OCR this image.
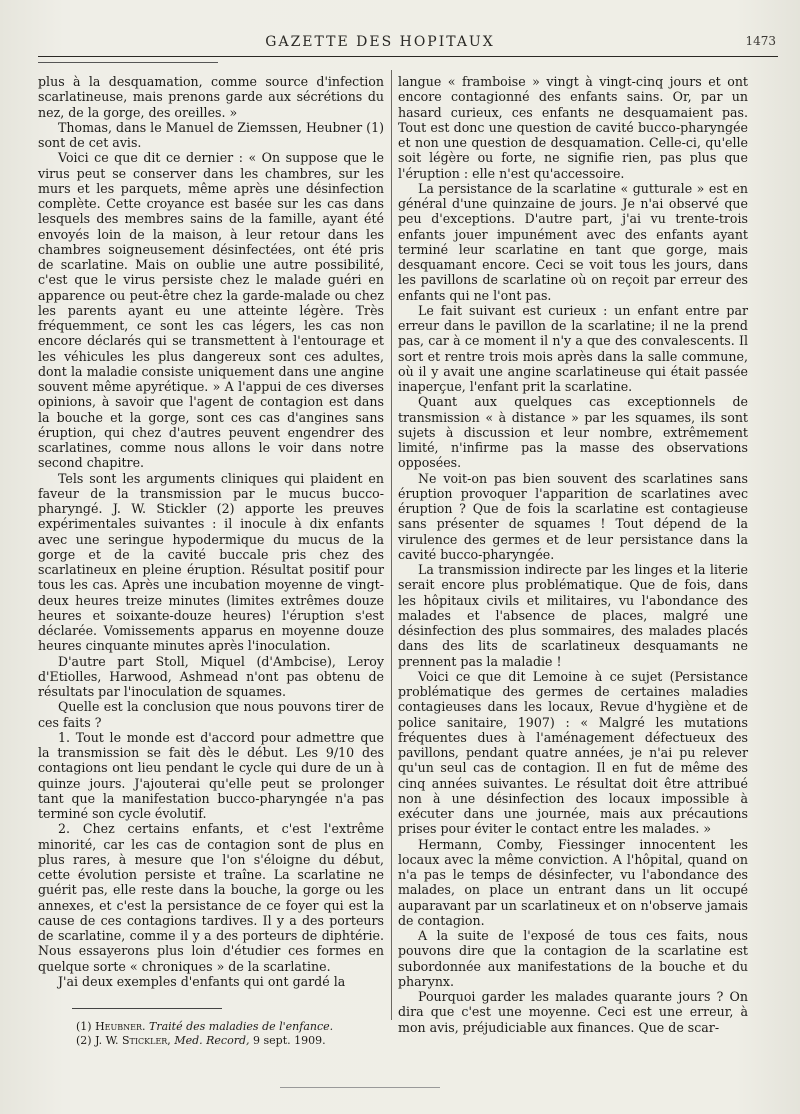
GAZETTE DES HOPITAUX	1473

plus à la desquamation, comme source d'infection scarlatineuse, mais prenons garde aux sécrétions du nez, de la gorge, des oreilles. »

Thomas, dans le Manuel de Ziemssen, Heubner (1) sont de cet avis.

Voici ce que dit ce dernier : « On suppose que le virus peut se conserver dans les chambres, sur les murs et les parquets, même après une désinfection complète. Cette croyance est basée sur les cas dans lesquels des membres sains de la famille, ayant été envoyés loin de la maison, à leur retour dans les chambres soigneusement désinfectées, ont été pris de scarlatine. Mais on oublie une autre possibilité, c'est que le virus persiste chez le malade guéri en apparence ou peut-être chez la garde-malade ou chez les parents ayant eu une atteinte légère. Très fréquemment, ce sont les cas légers, les cas non encore déclarés qui se transmettent à l'entourage et les véhicules les plus dangereux sont ces adultes, dont la maladie consiste uniquement dans une angine souvent même apyrétique. » A l'appui de ces diverses opinions, à savoir que l'agent de contagion est dans la bouche et la gorge, sont ces cas d'angines sans éruption, qui chez d'autres peuvent engendrer des scarlatines, comme nous allons le voir dans notre second chapitre.

Tels sont les arguments cliniques qui plaident en faveur de la transmission par le mucus bucco-pharyngé. J. W. Stickler (2) apporte les preuves expérimentales suivantes : il inocule à dix enfants avec une seringue hypodermique du mucus de la gorge et de la cavité buccale pris chez des scarlatineux en pleine éruption. Résultat positif pour tous les cas. Après une incubation moyenne de vingt-deux heures treize minutes (limites extrêmes douze heures et soixante-douze heures) l'éruption s'est déclarée. Vomissements apparus en moyenne douze heures cinquante minutes après l'inoculation.

D'autre part Stoll, Miquel (d'Ambcise), Leroy d'Etiolles, Harwood, Ashmead n'ont pas obtenu de résultats par l'inoculation de squames.

Quelle est la conclusion que nous pouvons tirer de ces faits ?

1. Tout le monde est d'accord pour admettre que la transmission se fait dès le début. Les 9/10 des contagions ont lieu pendant le cycle qui dure de un à quinze jours. J'ajouterai qu'elle peut se prolonger tant que la manifestation bucco-pharyngée n'a pas terminé son cycle évolutif.

2. Chez certains enfants, et c'est l'extrême minorité, car les cas de contagion sont de plus en plus rares, à mesure que l'on s'éloigne du début, cette évolution persiste et traîne. La scarlatine ne guérit pas, elle reste dans la bouche, la gorge ou les annexes, et c'est la persistance de ce foyer qui est la cause de ces contagions tardives. Il y a des porteurs de scarlatine, comme il y a des porteurs de diphtérie. Nous essayerons plus loin d'étudier ces formes en quelque sorte « chroniques » de la scarlatine.

J'ai deux exemples d'enfants qui ont gardé la

langue « framboise » vingt à vingt-cinq jours et ont encore contagionné des enfants sains. Or, par un hasard curieux, ces enfants ne desquamaient pas. Tout est donc une question de cavité bucco-pharyngée et non une question de desquamation. Celle-ci, qu'elle soit légère ou forte, ne signifie rien, pas plus que l'éruption : elle n'est qu'accessoire.

La persistance de la scarlatine « gutturale » est en général d'une quinzaine de jours. Je n'ai observé que peu d'exceptions. D'autre part, j'ai vu trente-trois enfants jouer impunément avec des enfants ayant terminé leur scarlatine en tant que gorge, mais desquamant encore. Ceci se voit tous les jours, dans les pavillons de scarlatine où on reçoit par erreur des enfants qui ne l'ont pas.

Le fait suivant est curieux : un enfant entre par erreur dans le pavillon de la scarlatine; il ne la prend pas, car à ce moment il n'y a que des convalescents. Il sort et rentre trois mois après dans la salle commune, où il y avait une angine scarlatineuse qui était passée inaperçue, l'enfant prit la scarlatine.

Quant aux quelques cas exceptionnels de transmission « à distance » par les squames, ils sont sujets à discussion et leur nombre, extrêmement limité, n'infirme pas la masse des observations opposées.

Ne voit-on pas bien souvent des scarlatines sans éruption provoquer l'apparition de scarlatines avec éruption ? Que de fois la scarlatine est contagieuse sans présenter de squames ! Tout dépend de la virulence des germes et de leur persistance dans la cavité bucco-pharyngée.

La transmission indirecte par les linges et la literie serait encore plus problématique. Que de fois, dans les hôpitaux civils et militaires, vu l'abondance des malades et l'absence de places, malgré une désinfection des plus sommaires, des malades placés dans des lits de scarlatineux desquamants ne prennent pas la maladie !

Voici ce que dit Lemoine à ce sujet (Persistance problématique des germes de certaines maladies contagieuses dans les locaux, Revue d'hygiène et de police sanitaire, 1907) : « Malgré les mutations fréquentes dues à l'aménagement défectueux des pavillons, pendant quatre années, je n'ai pu relever qu'un seul cas de contagion. Il en fut de même des cinq années suivantes. Le résultat doit être attribué non à une désinfection des locaux impossible à exécuter dans une journée, mais aux précautions prises pour éviter le contact entre les malades. »

Hermann, Comby, Fiessinger innocentent les locaux avec la même conviction. A l'hôpital, quand on n'a pas le temps de désinfecter, vu l'abondance des malades, on place un entrant dans un lit occupé auparavant par un scarlatineux et on n'observe jamais de contagion.

A la suite de l'exposé de tous ces faits, nous pouvons dire que la contagion de la scarlatine est subordonnée aux manifestations de la bouche et du pharynx.

Pourquoi garder les malades quarante jours ? On dira que c'est une moyenne. Ceci est une erreur, à mon avis, préjudiciable aux finances. Que de scar-

(1) Heubner. Traité des maladies de l'enfance.
(2) J. W. Stickler, Med. Record, 9 sept. 1909.
